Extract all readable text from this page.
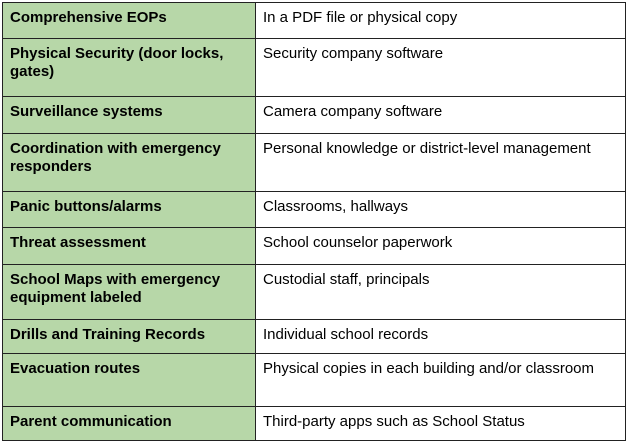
Comprehensive EOPs	In a PDF file or physical copy
Physical Security (door locks, gates)	Security company software
Surveillance systems	Camera company software
Coordination with emergency responders	Personal knowledge or district-level management
Panic buttons/alarms	Classrooms, hallways
Threat assessment	School counselor paperwork
School Maps with emergency equipment labeled	Custodial staff, principals
Drills and Training Records	Individual school records
Evacuation routes	Physical copies in each building and/or classroom
Parent communication	Third-party apps such as School Status
